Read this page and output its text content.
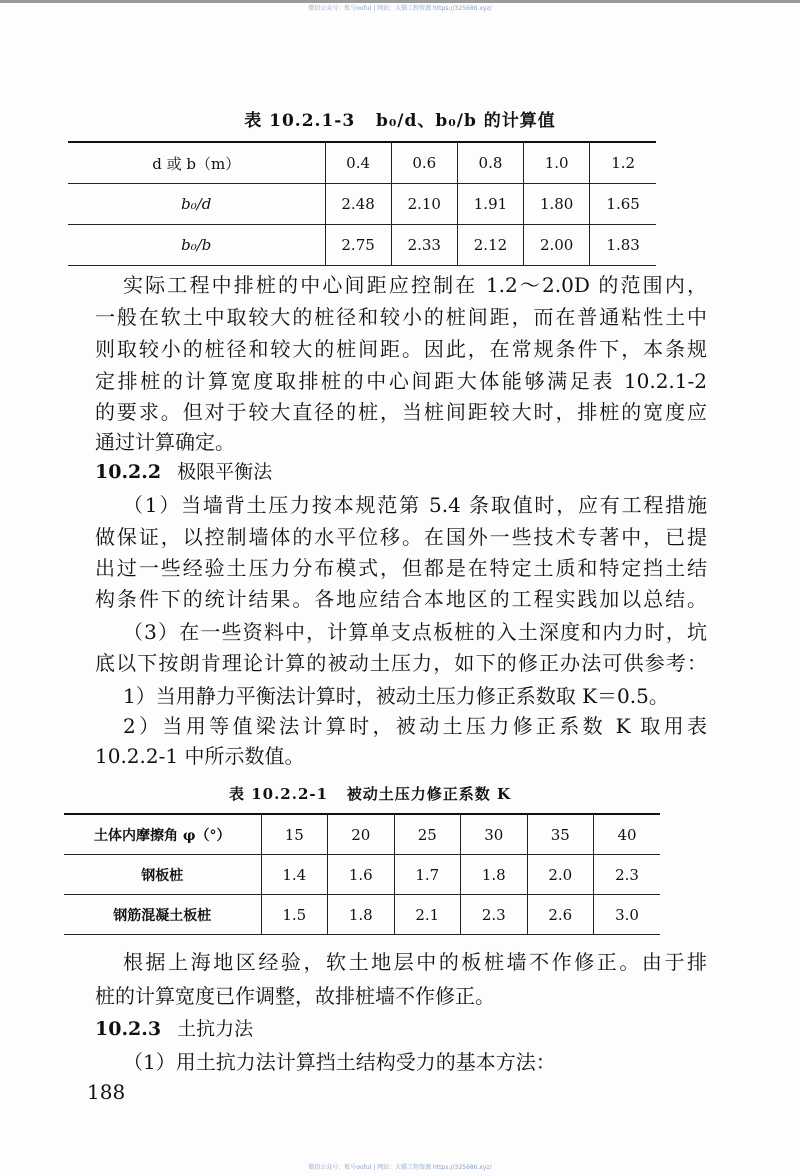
微信公众号：账号ooful | 网站：大猫工程资源 https://325686.xyz/
表 10.2.1-3 b₀/d、b₀/b 的计算值
d 或 b（m）	0.4	0.6	0.8	1.0	1.2
b₀/d	2.48	2.10	1.91	1.80	1.65
b₀/b	2.75	2.33	2.12	2.00	1.83
实际工程中排桩的中心间距应控制在 1.2～2.0D 的范围内，
一般在软土中取较大的桩径和较小的桩间距，而在普通粘性土中
则取较小的桩径和较大的桩间距。因此，在常规条件下，本条规
定排桩的计算宽度取排桩的中心间距大体能够满足表 10.2.1-2
的要求。但对于较大直径的桩，当桩间距较大时，排桩的宽度应
通过计算确定。
10.2.2 极限平衡法
（1）当墙背土压力按本规范第 5.4 条取值时，应有工程措施
做保证，以控制墙体的水平位移。在国外一些技术专著中，已提
出过一些经验土压力分布模式，但都是在特定土质和特定挡土结
构条件下的统计结果。各地应结合本地区的工程实践加以总结。
（3）在一些资料中，计算单支点板桩的入土深度和内力时，坑
底以下按朗肯理论计算的被动土压力，如下的修正办法可供参考：
1）当用静力平衡法计算时，被动土压力修正系数取 K＝0.5。
2）当用等值梁法计算时，被动土压力修正系数 K 取用表
10.2.2-1 中所示数值。
表 10.2.2-1 被动土压力修正系数 K
土体内摩擦角 φ（°）	15	20	25	30	35	40
钢板桩	1.4	1.6	1.7	1.8	2.0	2.3
钢筋混凝土板桩	1.5	1.8	2.1	2.3	2.6	3.0
根据上海地区经验，软土地层中的板桩墙不作修正。由于排
桩的计算宽度已作调整，故排桩墙不作修正。
10.2.3 土抗力法
（1）用土抗力法计算挡土结构受力的基本方法：
188
微信公众号：账号ooful | 网站：大猫工程资源 https://325686.xyz/
